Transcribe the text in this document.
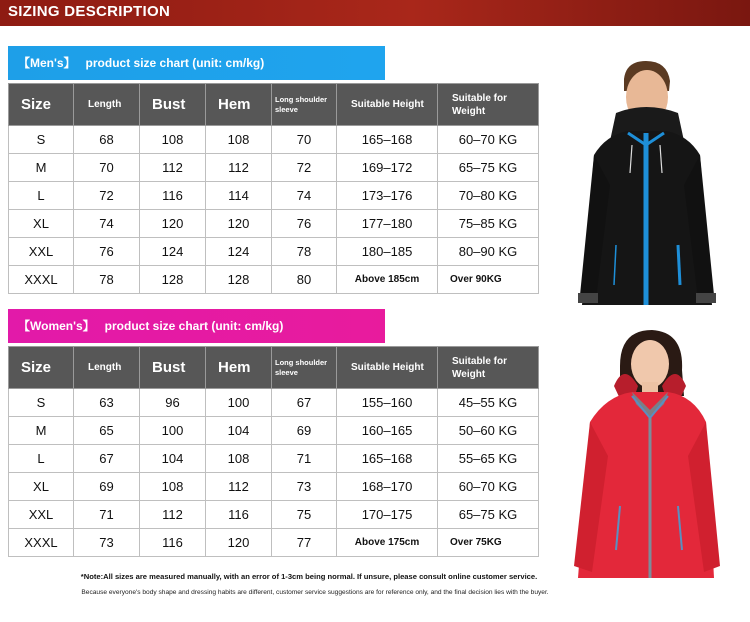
SIZING DESCRIPTION
【Men's】 product size chart (unit: cm/kg)
Size	Length	Bust	Hem	Long shoulder sleeve	Suitable Height	Suitable for Weight
S	68	108	108	70	165–168	60–70 KG
M	70	112	112	72	169–172	65–75 KG
L	72	116	114	74	173–176	70–80 KG
XL	74	120	120	76	177–180	75–85 KG
XXL	76	124	124	78	180–185	80–90 KG
XXXL	78	128	128	80	Above 185cm	Over 90KG
【Women's】 product size chart (unit: cm/kg)
Size	Length	Bust	Hem	Long shoulder sleeve	Suitable Height	Suitable for Weight
S	63	96	100	67	155–160	45–55 KG
M	65	100	104	69	160–165	50–60 KG
L	67	104	108	71	165–168	55–65 KG
XL	69	108	112	73	168–170	60–70 KG
XXL	71	112	116	75	170–175	65–75 KG
XXXL	73	116	120	77	Above 175cm	Over 75KG
*Note:All sizes are measured manually, with an error of 1-3cm being normal. If unsure, please consult online customer service.
Because everyone's body shape and dressing habits are different, customer service suggestions are for reference only, and the final decision lies with the buyer.
